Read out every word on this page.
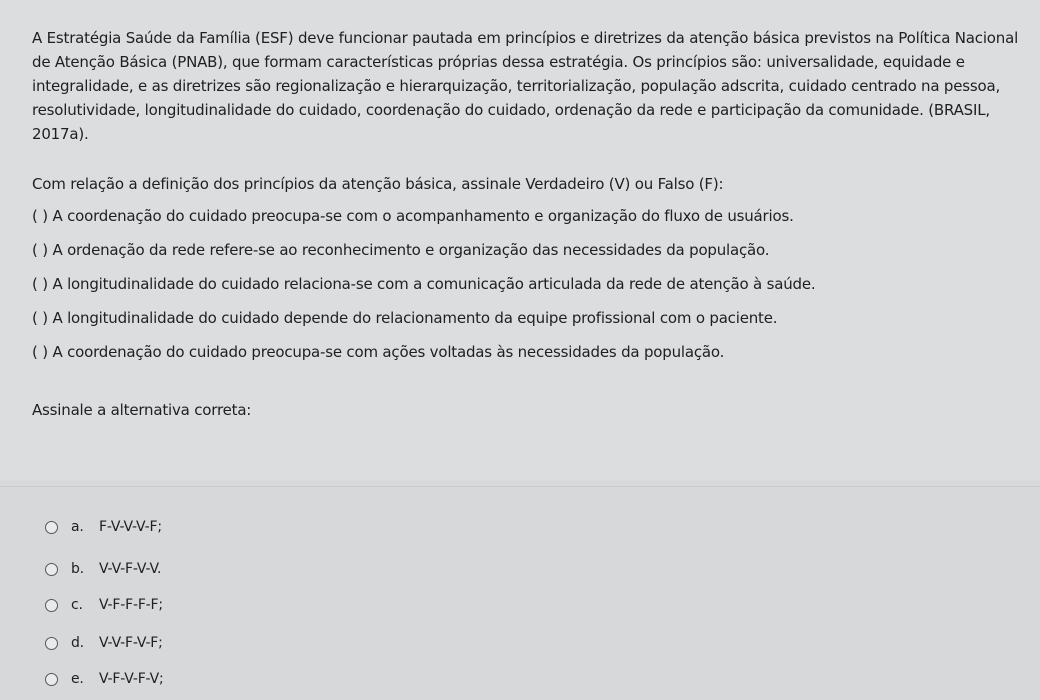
A Estratégia Saúde da Família (ESF) deve funcionar pautada em princípios e diretrizes da atenção básica previstos na Política Nacional de Atenção Básica (PNAB), que formam características próprias dessa estratégia. Os princípios são: universalidade, equidade e integralidade, e as diretrizes são regionalização e hierarquização, territorialização, população adscrita, cuidado centrado na pessoa, resolutividade, longitudinalidade do cuidado, coordenação do cuidado, ordenação da rede e participação da comunidade. (BRASIL, 2017a).
Com relação a definição dos princípios da atenção básica, assinale Verdadeiro (V) ou Falso (F):
( ) A coordenação do cuidado preocupa-se com o acompanhamento e organização do fluxo de usuários.
( ) A ordenação da rede refere-se ao reconhecimento e organização das necessidades da população.
( ) A longitudinalidade do cuidado relaciona-se com a comunicação articulada da rede de atenção à saúde.
( ) A longitudinalidade do cuidado depende do relacionamento da equipe profissional com o paciente.
( ) A coordenação do cuidado preocupa-se com ações voltadas às necessidades da população.
Assinale a alternativa correta:
a.	F-V-V-V-F;
b.	V-V-F-V-V.
c.	V-F-F-F-F;
d.	V-V-F-V-F;
e.	V-F-V-F-V;
